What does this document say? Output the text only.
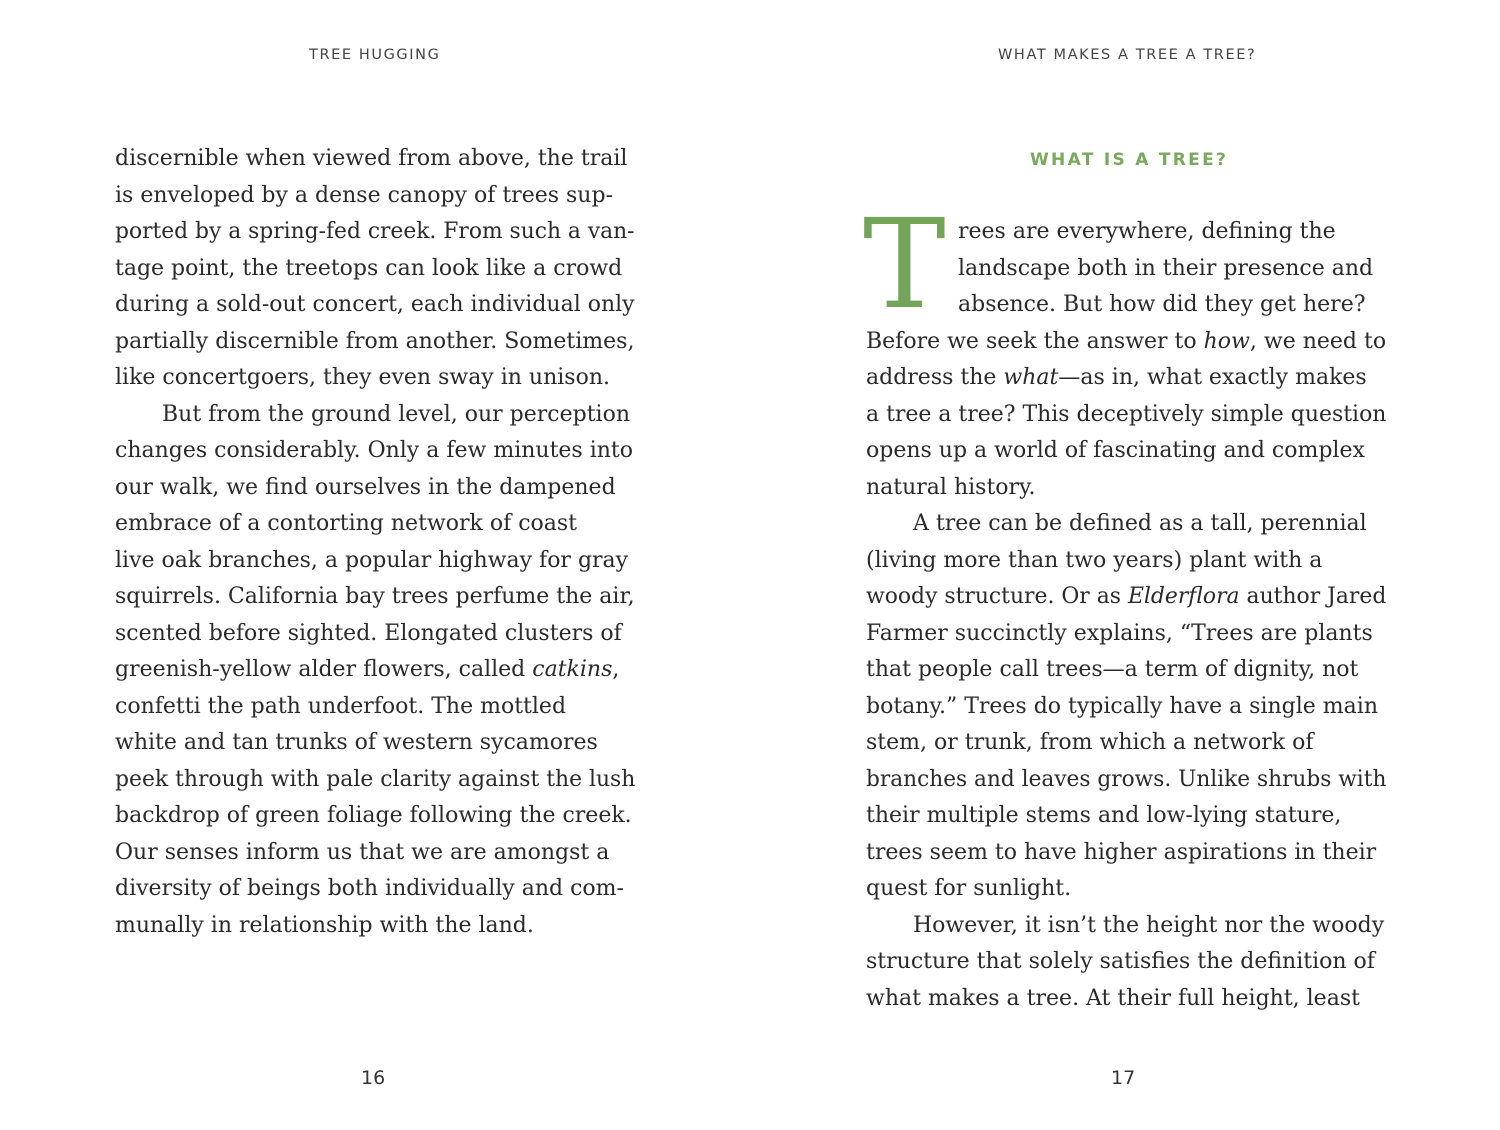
TREE HUGGING
discernible when viewed from above, the trail
is enveloped by a dense canopy of trees sup-
ported by a spring-fed creek. From such a van-
tage point, the treetops can look like a crowd
during a sold-out concert, each individual only
partially discernible from another. Sometimes,
like concertgoers, they even sway in unison.
But from the ground level, our perception
changes considerably. Only a few minutes into
our walk, we find ourselves in the dampened
embrace of a contorting network of coast
live oak branches, a popular highway for gray
squirrels. California bay trees perfume the air,
scented before sighted. Elongated clusters of
greenish-yellow alder flowers, called catkins,
confetti the path underfoot. The mottled
white and tan trunks of western sycamores
peek through with pale clarity against the lush
backdrop of green foliage following the creek.
Our senses inform us that we are amongst a
diversity of beings both individually and com-
munally in relationship with the land.
16
WHAT MAKES A TREE A TREE?
WHAT IS A TREE?
T rees are everywhere, defining the
landscape both in their presence and
absence. But how did they get here?
Before we seek the answer to how, we need to
address the what—as in, what exactly makes
a tree a tree? This deceptively simple question
opens up a world of fascinating and complex
natural history.
A tree can be defined as a tall, perennial
(living more than two years) plant with a
woody structure. Or as Elderflora author Jared
Farmer succinctly explains, “Trees are plants
that people call trees—a term of dignity, not
botany.” Trees do typically have a single main
stem, or trunk, from which a network of
branches and leaves grows. Unlike shrubs with
their multiple stems and low-lying stature,
trees seem to have higher aspirations in their
quest for sunlight.
However, it isn’t the height nor the woody
structure that solely satisfies the definition of
what makes a tree. At their full height, least
17
